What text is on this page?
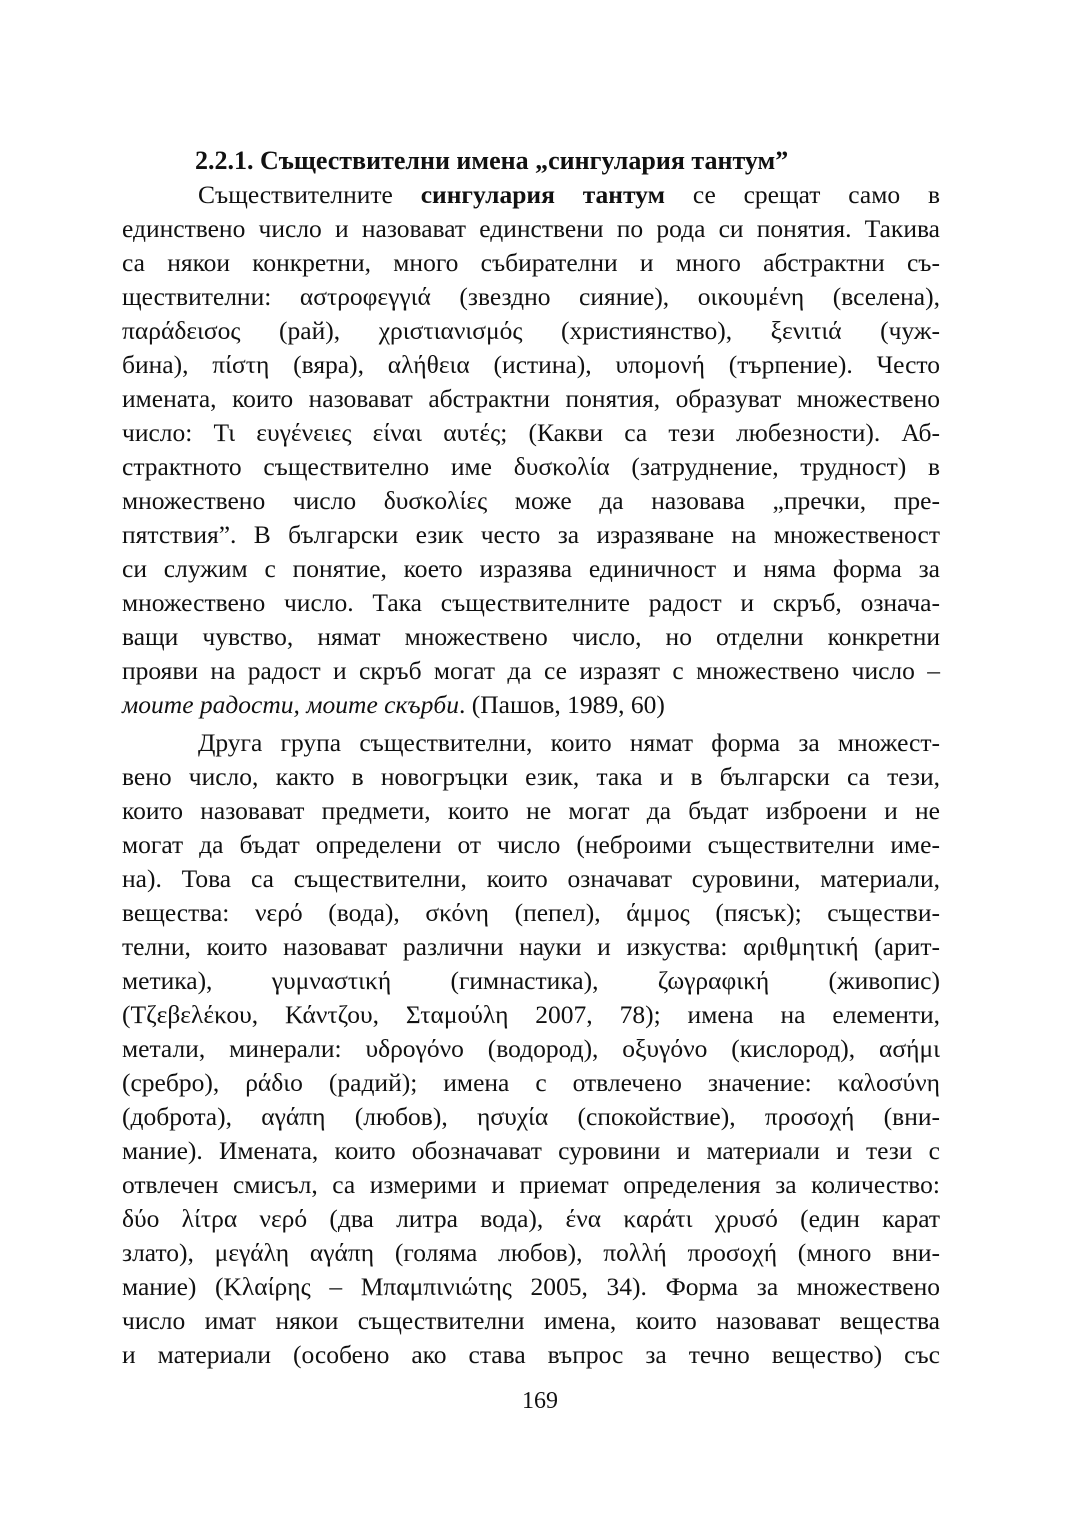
2.2.1. Съществителни имена „сингулария тантум”
Съществителните сингулария тантум се срещат само в
единствено число и назовават единствени по рода си понятия. Такива
са някои конкретни, много събирателни и много абстрактни съ-
ществителни: αστροφεγγιά (звездно сияние), οικουμένη (вселена),
παράδεισος (рай), χριστιανισμός (християнство), ξενιτιά (чуж-
бина), πίστη (вяра), αλήθεια (истина), υπομονή (търпение). Често
имената, които назовават абстрактни понятия, образуват множествено
число: Τι ευγένειες είναι αυτές; (Какви са тези любезности). Аб-
страктното съществително име δυσκολία (затруднение, трудност) в
множествено число δυσκολίες може да назовава „пречки, пре-
пятствия”. В български език често за изразяване на множественост
си служим с понятие, което изразява единичност и няма форма за
множествено число. Така съществителните радост и скръб, означа-
ващи чувство, нямат множествено число, но отделни конкретни
прояви на радост и скръб могат да се изразят с множествено число –
моите радости, моите скърби. (Пашов, 1989, 60)
Друга група съществителни, които нямат форма за множест-
вено число, както в новогръцки език, така и в български са тези,
които назовават предмети, които не могат да бъдат изброени и не
могат да бъдат определени от число (неброими съществителни име-
на). Това са съществителни, които означават суровини, материали,
вещества: νερό (вода), σκόνη (пепел), άμμος (пясък); съществи-
телни, които назовават различни науки и изкуства: αριθμητική (арит-
метика), γυμναστική (гимнастика), ζωγραφική (живопис)
(Τζεβελέκου, Κάντζου, Σταμούλη 2007, 78); имена на елементи,
метали, минерали: υδρογόνο (водород), οξυγόνο (кислород), ασήμι
(сребро), ράδιο (радий); имена с отвлечено значение: καλοσύνη
(доброта), αγάπη (любов), ησυχία (спокойствие), προσοχή (вни-
мание). Имената, които обозначават суровини и материали и тези с
отвлечен смисъл, са измерими и приемат определения за количество:
δύο λίτρα νερό (два литра вода), ένα καράτι χρυσό (един карат
злато), μεγάλη αγάπη (голяма любов), πολλή προσοχή (много вни-
мание) (Κλαίρης – Μπαμπινιώτης 2005, 34). Форма за множествено
число имат някои съществителни имена, които назовават вещества
и материали (особено ако става въпрос за течно вещество) със
169
